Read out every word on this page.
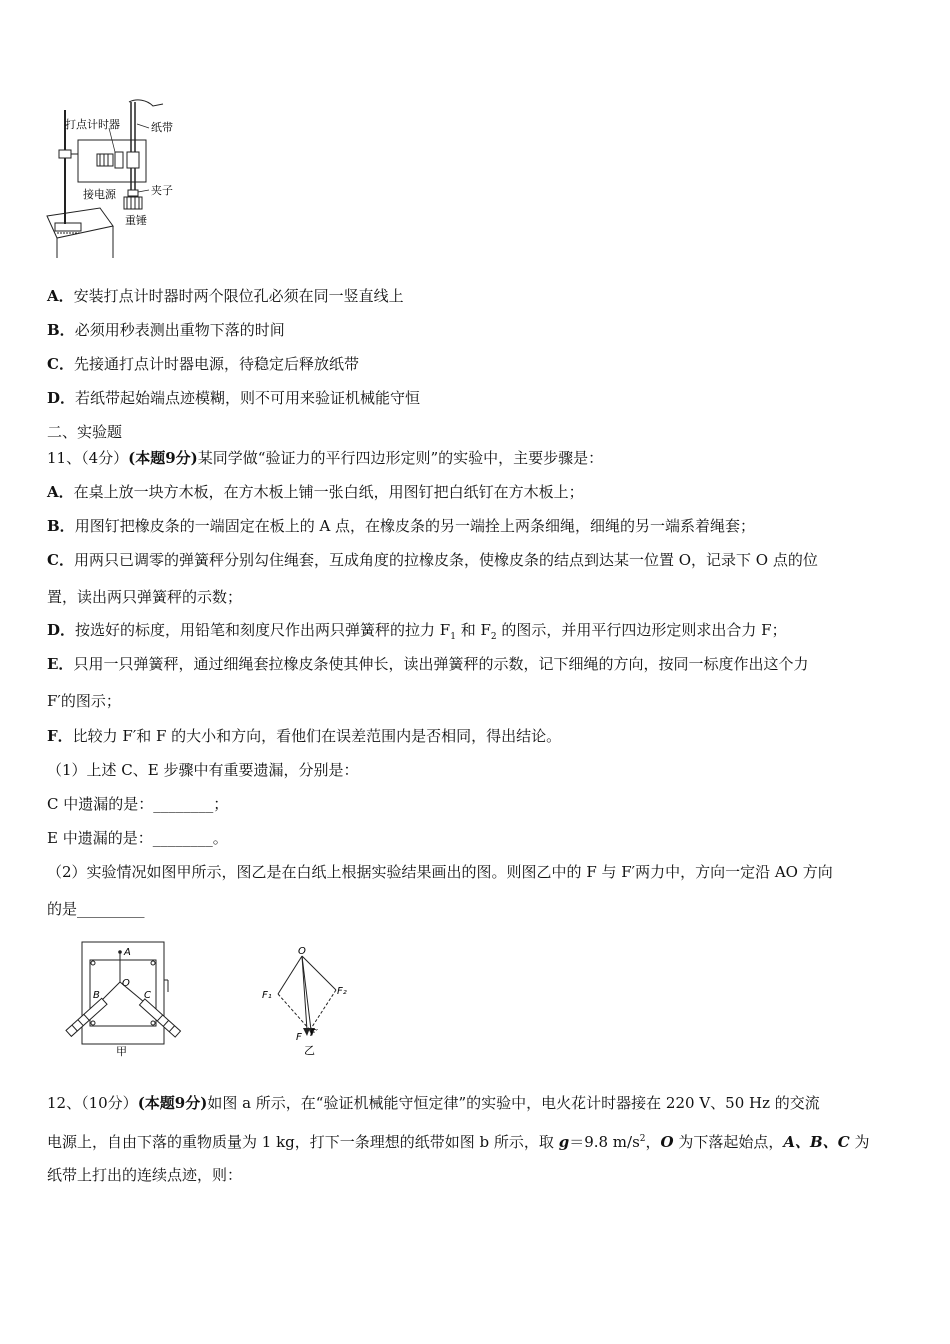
打点计时器	纸带
接电源	夹子
重锤
A．安装打点计时器时两个限位孔必须在同一竖直线上
B．必须用秒表测出重物下落的时间
C．先接通打点计时器电源，待稳定后释放纸带
D．若纸带起始端点迹模糊，则不可用来验证机械能守恒
二、实验题
11、（4分）(本题9分)某同学做“验证力的平行四边形定则”的实验中，主要步骤是：
A．在桌上放一块方木板，在方木板上铺一张白纸，用图钉把白纸钉在方木板上；
B．用图钉把橡皮条的一端固定在板上的 A 点，在橡皮条的另一端拴上两条细绳，细绳的另一端系着绳套；
C．用两只已调零的弹簧秤分别勾住绳套，互成角度的拉橡皮条，使橡皮条的结点到达某一位置 O，记录下 O 点的位
置，读出两只弹簧秤的示数；
D．按选好的标度，用铅笔和刻度尺作出两只弹簧秤的拉力 $F_1$ 和 $F_2$ 的图示，并用平行四边形定则求出合力 F；
E．只用一只弹簧秤，通过细绳套拉橡皮条使其伸长，读出弹簧秤的示数，记下细绳的方向，按同一标度作出这个力
F′的图示；
F．比较力 F′和 F 的大小和方向，看他们在误差范围内是否相同，得出结论。
（1）上述 C、E 步骤中有重要遗漏，分别是：
C 中遗漏的是：________；
E 中遗漏的是：________。
（2）实验情况如图甲所示，图乙是在白纸上根据实验结果画出的图。则图乙中的 F 与 F′两力中，方向一定沿 AO 方向
的是_________
A
O
B	C
甲
O
F₁	F₂
F F′
乙
12、（10分）(本题9分)如图 a 所示，在“验证机械能守恒定律”的实验中，电火花计时器接在 220 V、50 Hz 的交流
电源上，自由下落的重物质量为 1 kg，打下一条理想的纸带如图 b 所示，取 g＝9.8 $m/s^2$，O 为下落起始点，A、B、C 为
纸带上打出的连续点迹，则：
